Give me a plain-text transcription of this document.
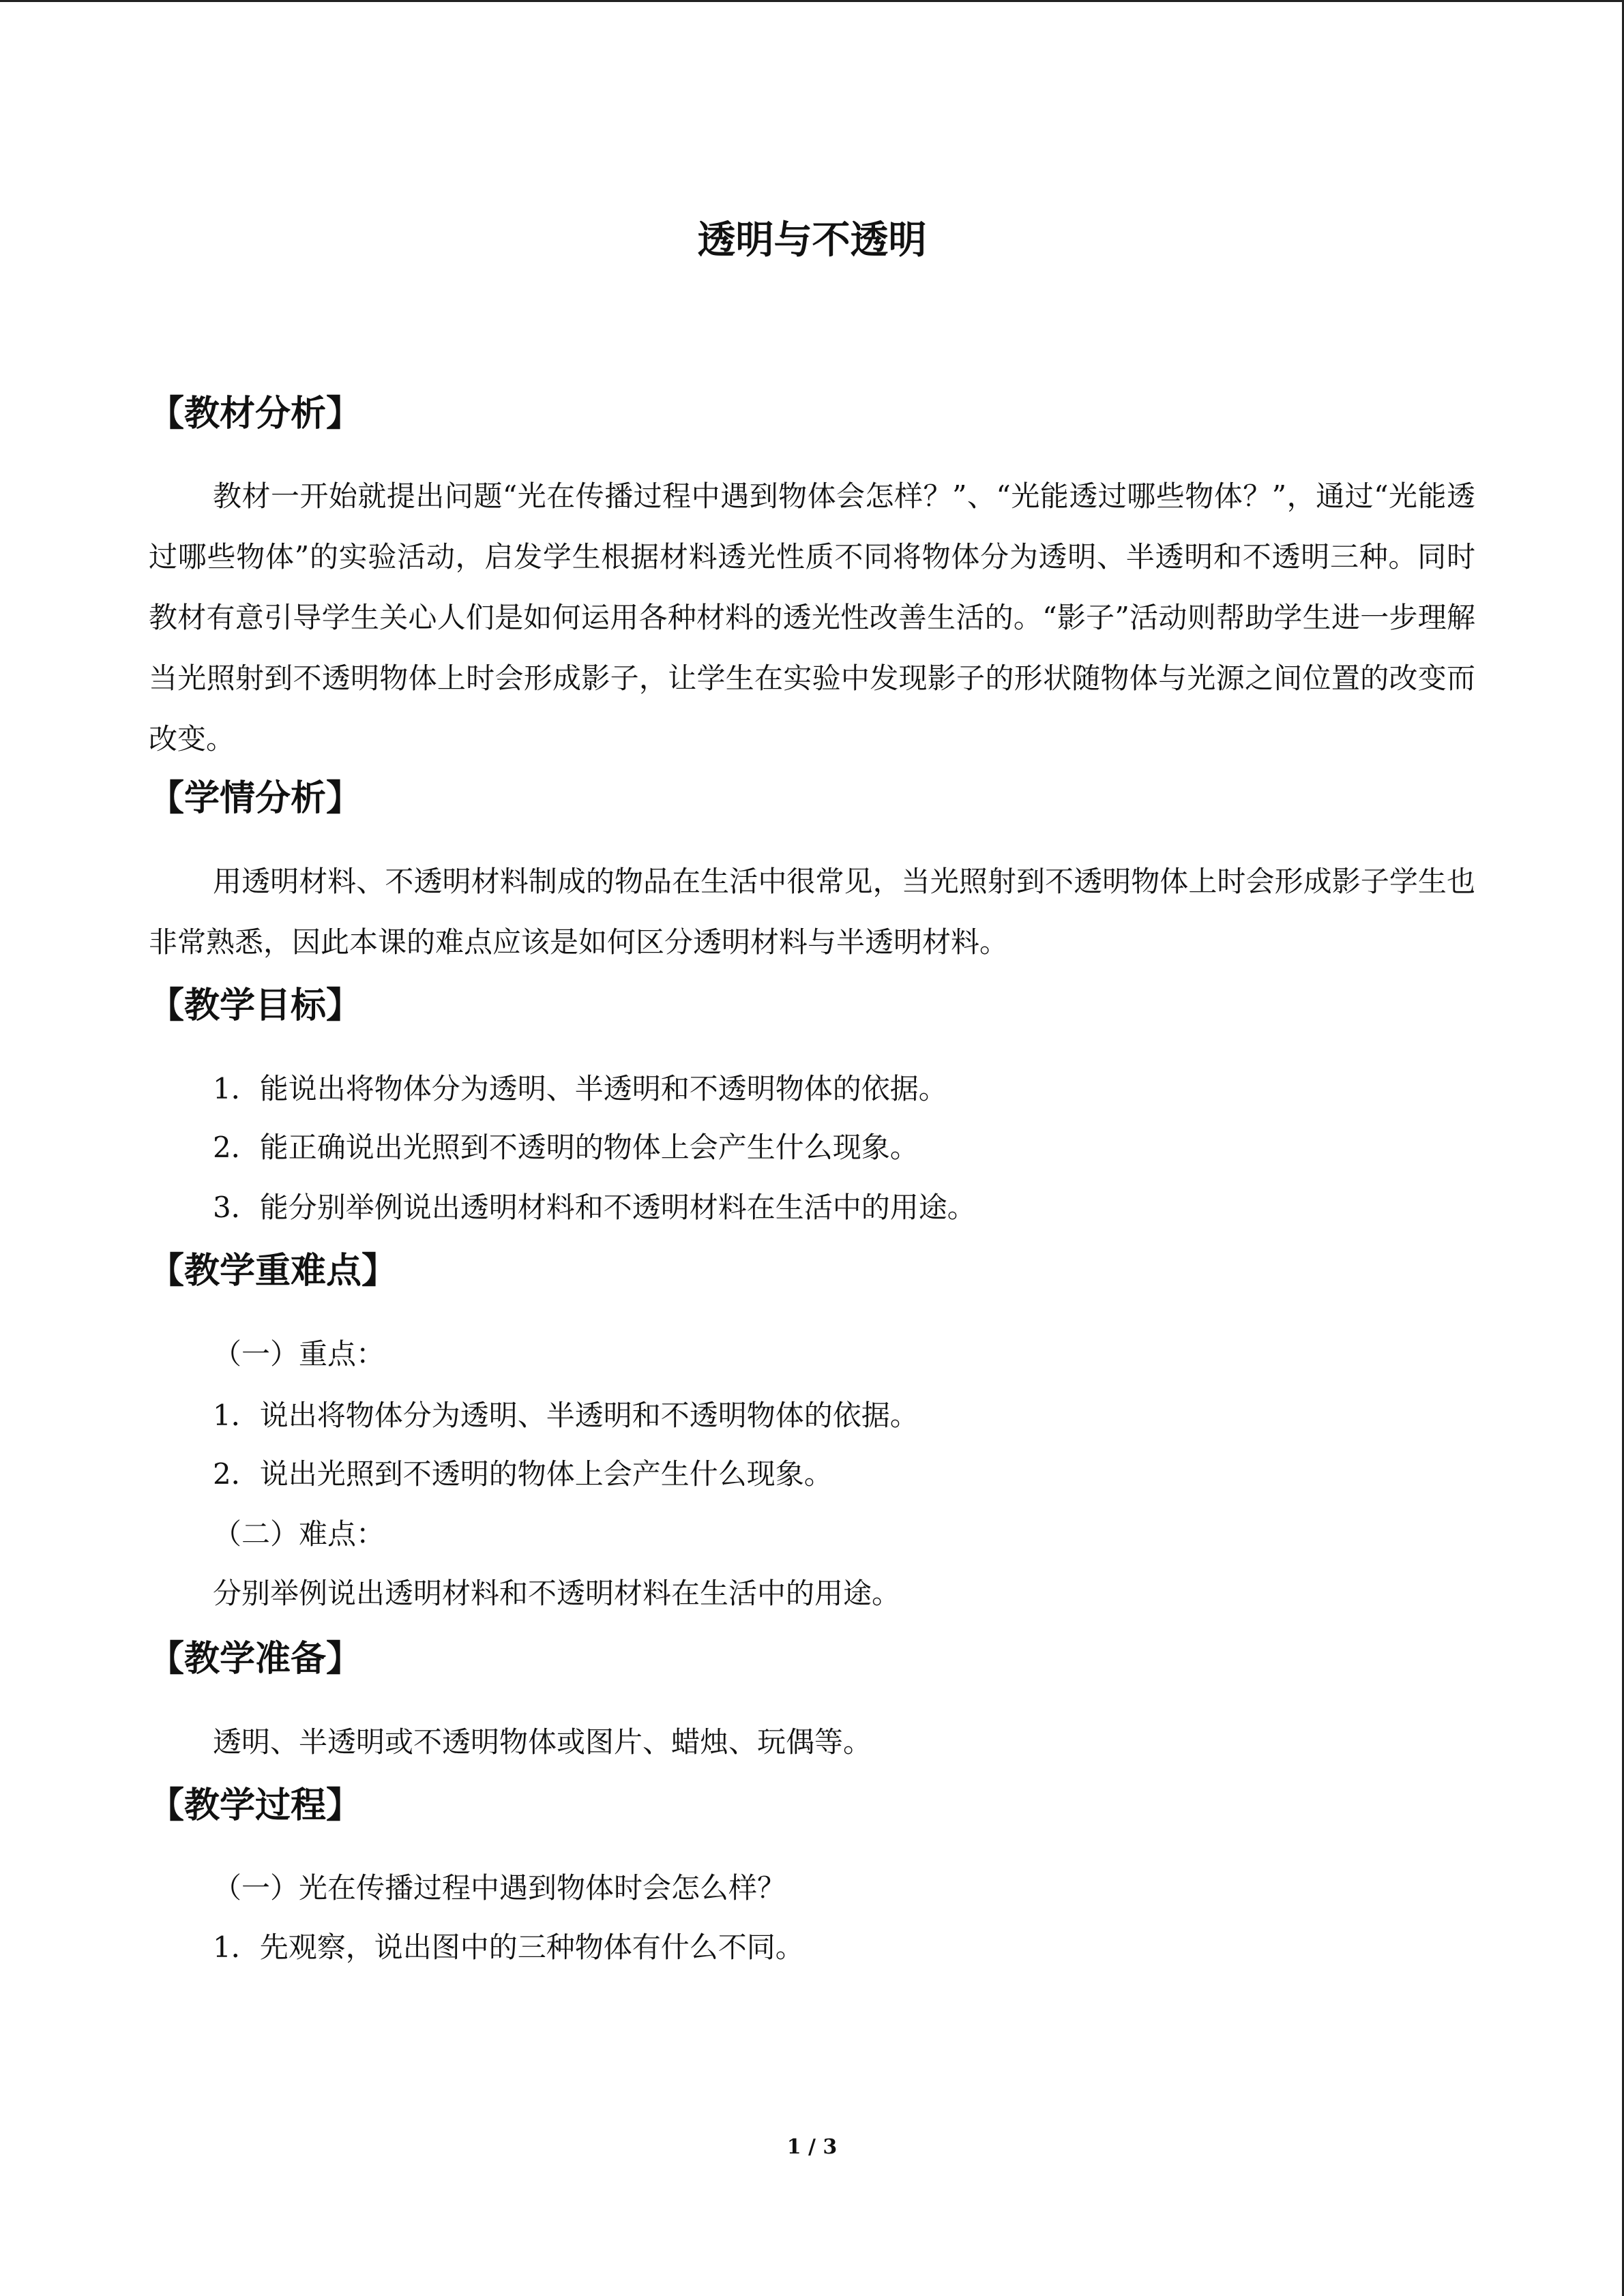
透明与不透明
【教材分析】

教材一开始就提出问题“光在传播过程中遇到物体会怎样？”、“光能透过哪些物体？”，通过“光能透过哪些物体”的实验活动，启发学生根据材料透光性质不同将物体分为透明、半透明和不透明三种。同时教材有意引导学生关心人们是如何运用各种材料的透光性改善生活的。“影子”活动则帮助学生进一步理解当光照射到不透明物体上时会形成影子，让学生在实验中发现影子的形状随物体与光源之间位置的改变而改变。

【学情分析】

用透明材料、不透明材料制成的物品在生活中很常见，当光照射到不透明物体上时会形成影子学生也非常熟悉，因此本课的难点应该是如何区分透明材料与半透明材料。

【教学目标】

1．能说出将物体分为透明、半透明和不透明物体的依据。

2．能正确说出光照到不透明的物体上会产生什么现象。

3．能分别举例说出透明材料和不透明材料在生活中的用途。

【教学重难点】

（一）重点：

1．说出将物体分为透明、半透明和不透明物体的依据。

2．说出光照到不透明的物体上会产生什么现象。

（二）难点：

分别举例说出透明材料和不透明材料在生活中的用途。

【教学准备】

透明、半透明或不透明物体或图片、蜡烛、玩偶等。

【教学过程】

（一）光在传播过程中遇到物体时会怎么样？

1．先观察，说出图中的三种物体有什么不同。

1 / 3
